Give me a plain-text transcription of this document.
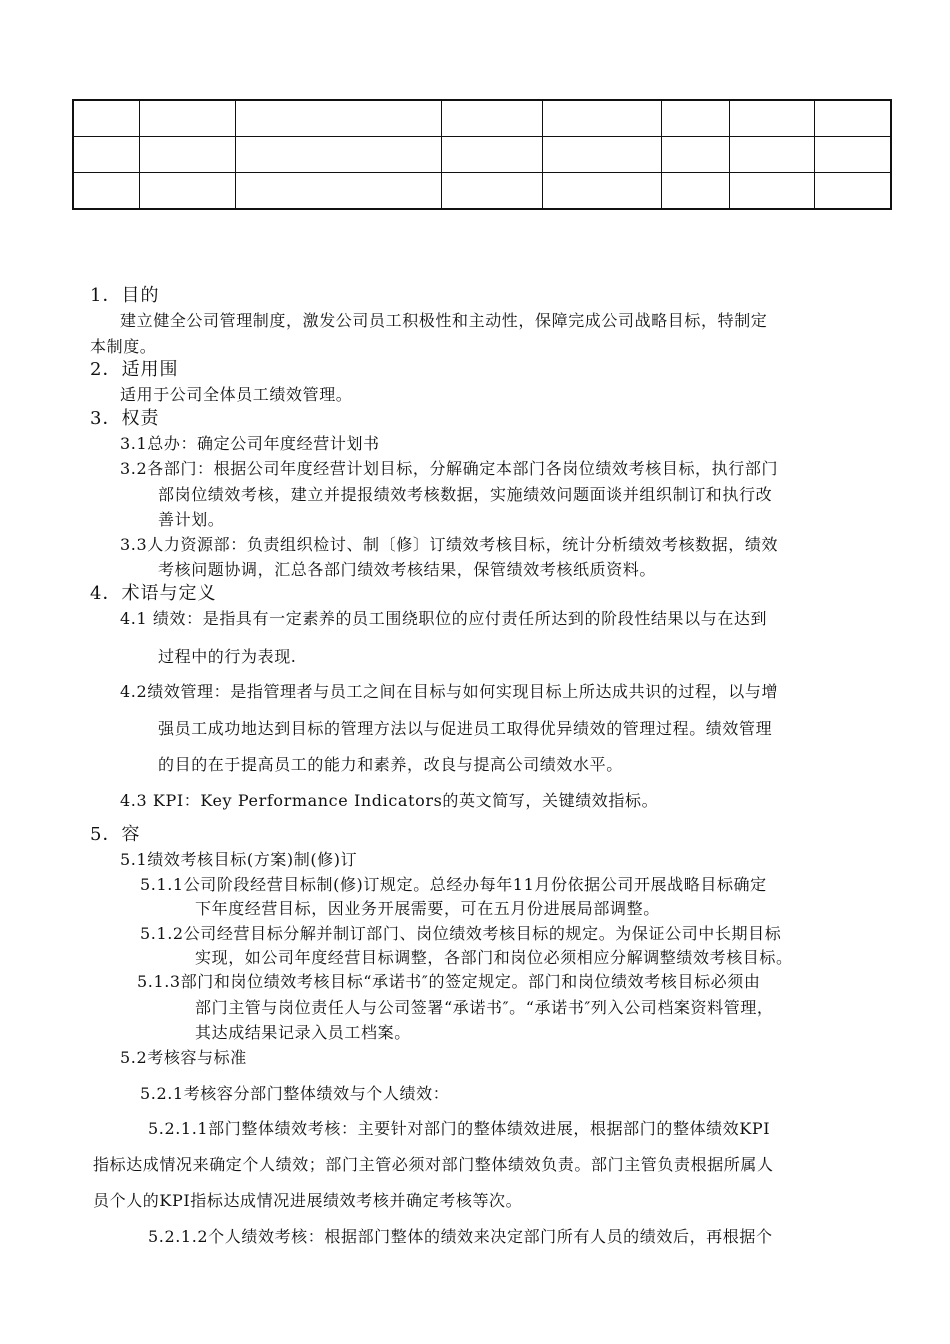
1．目的
建立健全公司管理制度，激发公司员工积极性和主动性，保障完成公司战略目标，特制定
本制度。
2．适用围
适用于公司全体员工绩效管理。
3．权责
3.1总办：确定公司年度经营计划书
3.2各部门：根据公司年度经营计划目标，分解确定本部门各岗位绩效考核目标，执行部门
部岗位绩效考核，建立并提报绩效考核数据，实施绩效问题面谈并组织制订和执行改
善计划。
3.3人力资源部：负责组织检讨、制〔修〕订绩效考核目标，统计分析绩效考核数据，绩效
考核问题协调，汇总各部门绩效考核结果，保管绩效考核纸质资料。
4．术语与定义
4.1 绩效：是指具有一定素养的员工围绕职位的应付责任所达到的阶段性结果以与在达到
过程中的行为表现.
4.2绩效管理：是指管理者与员工之间在目标与如何实现目标上所达成共识的过程，以与增
强员工成功地达到目标的管理方法以与促进员工取得优异绩效的管理过程。绩效管理
的目的在于提高员工的能力和素养，改良与提高公司绩效水平。
4.3 KPI：Key Performance Indicators的英文简写，关键绩效指标。
5．容
5.1绩效考核目标(方案)制(修)订
5.1.1公司阶段经营目标制(修)订规定。总经办每年11月份依据公司开展战略目标确定
下年度经营目标，因业务开展需要，可在五月份进展局部调整。
5.1.2公司经营目标分解并制订部门、岗位绩效考核目标的规定。为保证公司中长期目标
实现，如公司年度经营目标调整，各部门和岗位必须相应分解调整绩效考核目标。
5.1.3部门和岗位绩效考核目标“承诺书″的签定规定。部门和岗位绩效考核目标必须由
部门主管与岗位责任人与公司签署“承诺书″。“承诺书″列入公司档案资料管理，
其达成结果记录入员工档案。
5.2考核容与标准
5.2.1考核容分部门整体绩效与个人绩效：
5.2.1.1部门整体绩效考核：主要针对部门的整体绩效进展，根据部门的整体绩效KPI
指标达成情况来确定个人绩效；部门主管必须对部门整体绩效负责。部门主管负责根据所属人
员个人的KPI指标达成情况进展绩效考核并确定考核等次。
5.2.1.2个人绩效考核：根据部门整体的绩效来决定部门所有人员的绩效后，再根据个
